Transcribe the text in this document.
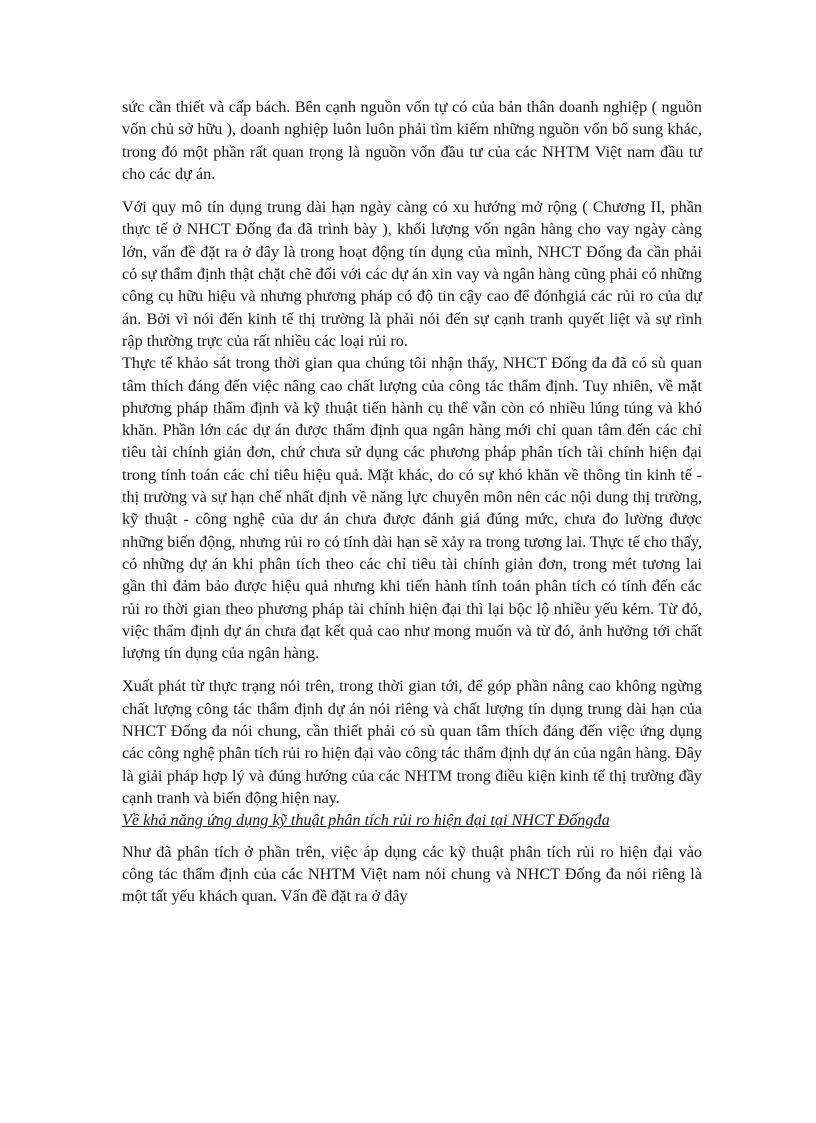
sức cần thiết và cấp bách. Bên cạnh nguồn vốn tự có của bản thân doanh nghiệp ( nguồn vốn chủ sở hữu ), doanh nghiệp luôn luôn phải tìm kiếm những nguồn vốn bổ sung khác, trong đó một phần rất quan trọng là nguồn vốn đầu tư của các NHTM Việt nam đầu tư cho các dự án.

Với quy mô tín dụng trung dài hạn ngày càng có xu hướng mở rộng ( Chương II, phần thực tế ở NHCT Đống đa đã trình bày ), khối lượng vốn ngân hàng cho vay ngày càng lớn, vấn đề đặt ra ở đây là trong hoạt động tín dụng của mình, NHCT Đống đa cần phải có sự thẩm định thật chặt chẽ đối với các dự án xin vay và ngân hàng cũng phải có những công cụ hữu hiệu và nhưng phương pháp có độ tin cậy cao để đónhgiá các rủi ro của dự án. Bởi vì nói đến kinh tế thị trường là phải nói đến sự cạnh tranh quyết liệt và sự rình rập thường trực của rất nhiều các loại rủi ro.

Thực tế khảo sát trong thời gian qua chúng tôi nhận thấy, NHCT Đống đa đã có sù quan tâm thích đáng đến việc nâng cao chất lượng của công tác thẩm định. Tuy nhiên, về mặt phương pháp thẩm định và kỹ thuật tiến hành cụ thể vẫn còn có nhiều lúng túng và khó khăn. Phần lớn các dự án được thẩm định qua ngân hàng mới chỉ quan tâm đến các chỉ tiêu tài chính giản đơn, chứ chưa sử dụng các phương pháp phân tích tài chính hiện đại trong tính toán các chỉ tiêu hiệu quả. Mặt khác, do có sự khó khăn về thông tin kinh tế - thị trường và sự hạn chế nhất định về năng lực chuyên môn nên các nội dung thị trường, kỹ thuật - công nghệ của dư án chưa được đánh giá đúng mức, chưa đo lường được những biến động, nhưng rủi ro có tính dài hạn sẽ xảy ra trong tương lai. Thực tế cho thấy, có những dự án khi phân tích theo các chỉ tiêu tài chính giản đơn, trong mét tương lai gần thì đảm bảo được hiệu quả nhưng khi tiến hành tính toán phân tích có tính đến các rủi ro thời gian theo phương pháp tài chính hiện đại thì lại bộc lộ nhiều yếu kém. Từ đó, việc thẩm định dự án chưa đạt kết quả cao như mong muốn và từ đó, ảnh hưởng tới chất lượng tín dụng của ngân hàng.

Xuất phát từ thực trạng nói trên, trong thời gian tới, để góp phần nâng cao không ngừng chất lượng công tác thẩm định dự án nói riêng và chất lượng tín dụng trung dài hạn của NHCT Đống đa nói chung, cần thiết phải có sù quan tâm thích đáng đến việc ứng dụng các công nghệ phân tích rủi ro hiện đại vào công tác thẩm định dự án của ngân hàng. Đây là giải pháp hợp lý và đúng hướng của các NHTM trong điều kiện kinh tế thị trường đầy cạnh tranh và biến động hiện nay.

Về khả năng ứng dụng kỹ thuật phân tích rủi ro hiện đại tại NHCT Đốngđa

Như đã phân tích ở phần trên, việc áp dụng các kỹ thuật phân tích rủi ro hiện đại vào công tác thẩm định của các NHTM Việt nam nói chung và NHCT Đống đa nói riêng là một tất yếu khách quan. Vấn đề đặt ra ở đây
